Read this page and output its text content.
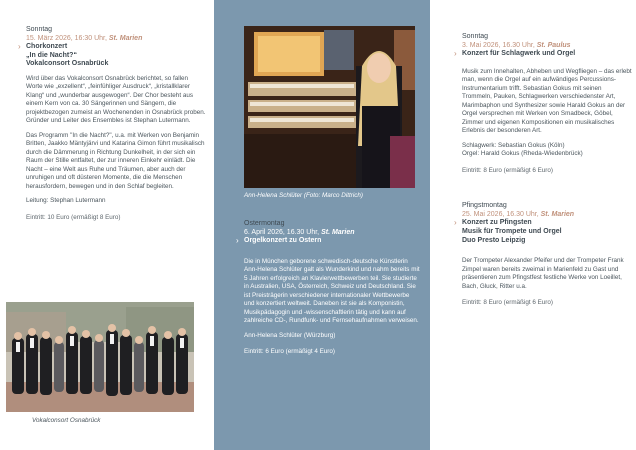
Sonntag
15. März 2026, 16:30 Uhr, St. Marien
› Chorkonzert
„In die Nacht?“
Vokalconsort Osnabrück

Wird über das Vokalconsort Osnabrück berichtet, so fallen Worte wie „exzellent“, „feinfühliger Ausdruck“, „kristallklarer Klang“ und „wunderbar ausgewogen“. Der Chor besteht aus einem Kern von ca. 30 Sängerinnen und Sängern, die projektbezogen zumeist an Wochenenden in Osnabrück proben. Gründer und Leiter des Ensembles ist Stephan Lutermann.

Das Programm "In die Nacht?", u.a. mit Werken von Benjamin Britten, Jaakko Mäntyjärvi und Katarina Gimon führt musikalisch durch die Dämmerung in Richtung Dunkelheit, in der sich ein Raum der Stille entfaltet, der zur inneren Einkehr einlädt. Die Nacht – eine Welt aus Ruhe und Träumen, aber auch der unruhigen und oft düsteren Momente, die die Menschen herausfordern, bewegen und in den Schlaf begleiten.

Leitung: Stephan Lutermann

Eintritt: 10 Euro (ermäßigt 8 Euro)

Vokalconsort Osnabrück
Ann-Helena Schlüter (Foto: Marco Dittrich)
Ostermontag
6. April 2026, 16.30 Uhr, St. Marien
› Orgelkonzert zu Ostern

Die in München geborene schwedisch-deutsche Künstlerin Ann-Helena Schlüter galt als Wunderkind und nahm bereits mit 5 Jahren erfolgreich an Klavierwettbewerben teil. Sie studierte in Australien, USA, Österreich, Schweiz und Deutschland. Sie ist Preisträgerin verschiedener internationaler Wettbewerbe und konzertiert weltweit. Daneben ist sie als Komponistin, Musikpädagogin und -wissenschaftlerin tätig und kann auf zahlreiche CD-, Rundfunk- und Fernsehaufnahmen verweisen.

Ann-Helena Schlüter (Würzburg)

Eintritt: 6 Euro (ermäßigt 4 Euro)

Sonntag
3. Mai 2026, 16.30 Uhr, St. Paulus
› Konzert für Schlagwerk und Orgel

Musik zum Innehalten, Abheben und Wegfliegen – das erlebt man, wenn die Orgel auf ein aufwändiges Percussions-Instrumentarium trifft. Sebastian Gokus mit seinen Trommeln, Pauken, Schlagwerken verschiedenster Art, Marimbaphon und Synthesizer sowie Harald Gokus an der Orgel versprechen mit Werken von Smadbeck, Göbel, Zimmer und eigenen Kompositionen ein musikalisches Erlebnis der besonderen Art.

Schlagwerk: Sebastian Gokus (Köln)
Orgel: Harald Gokus (Rheda-Wiedenbrück)

Eintritt: 8 Euro (ermäßigt 6 Euro)

Pfingstmontag
25. Mai 2026, 16.30 Uhr, St. Marien
› Konzert zu Pfingsten
Musik für Trompete und Orgel
Duo Presto Leipzig

Der Trompeter Alexander Pfeifer und der Trompeter Frank Zimpel waren bereits zweimal in Marienfeld zu Gast und präsentieren zum Pfingstfest festliche Werke von Loeillet, Bach, Gluck, Ritter u.a.

Eintritt: 8 Euro (ermäßigt 6 Euro)
